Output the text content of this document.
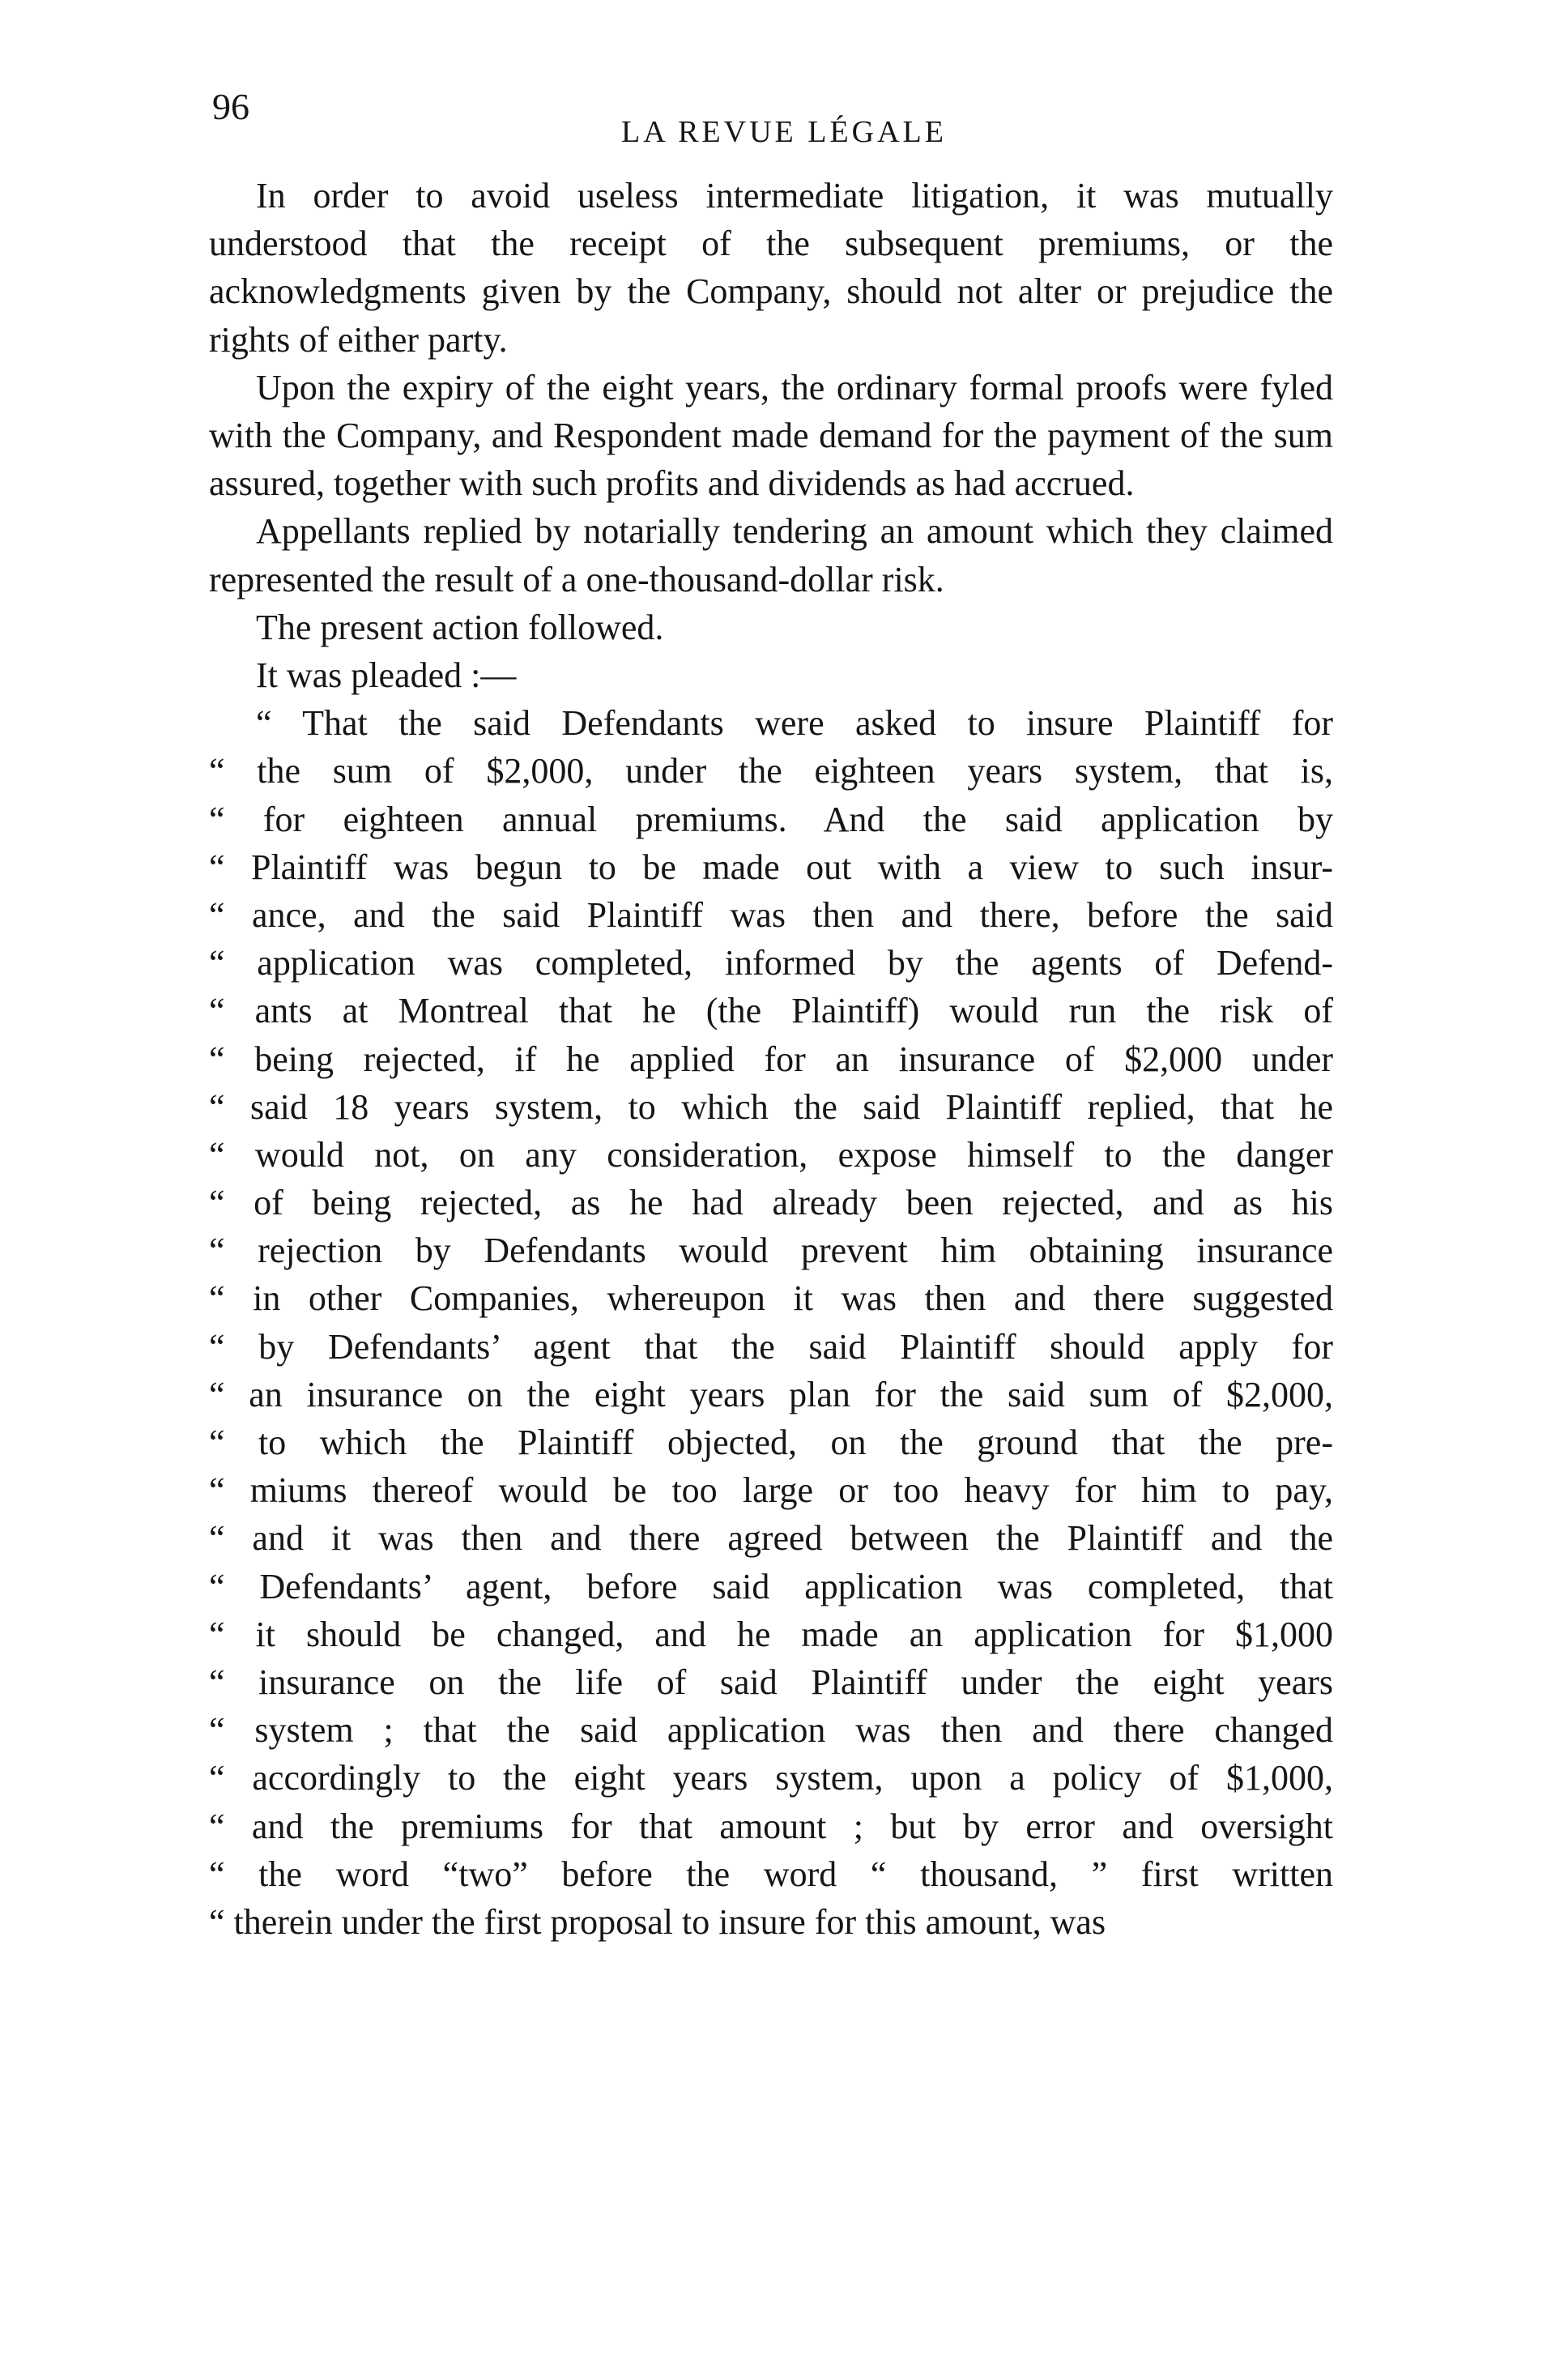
96
LA REVUE LÉGALE

In order to avoid useless intermediate litigation, it was mutually understood that the receipt of the subsequent premiums, or the acknowledgments given by the Company, should not alter or prejudice the rights of either party.

Upon the expiry of the eight years, the ordinary formal proofs were fyled with the Company, and Respondent made demand for the payment of the sum assured, together with such profits and dividends as had accrued.

Appellants replied by notarially tendering an amount which they claimed represented the result of a one-thousand-dollar risk.

The present action followed.

It was pleaded :—

“ That the said Defendants were asked to insure Plaintiff for
“ the sum of $2,000, under the eighteen years system, that is,
“ for eighteen annual premiums. And the said application by
“ Plaintiff was begun to be made out with a view to such insur-
“ ance, and the said Plaintiff was then and there, before the said
“ application was completed, informed by the agents of Defend-
“ ants at Montreal that he (the Plaintiff) would run the risk of
“ being rejected, if he applied for an insurance of $2,000 under
“ said 18 years system, to which the said Plaintiff replied, that he
“ would not, on any consideration, expose himself to the danger
“ of being rejected, as he had already been rejected, and as his
“ rejection by Defendants would prevent him obtaining insurance
“ in other Companies, whereupon it was then and there suggested
“ by Defendants’ agent that the said Plaintiff should apply for
“ an insurance on the eight years plan for the said sum of $2,000,
“ to which the Plaintiff objected, on the ground that the pre-
“ miums thereof would be too large or too heavy for him to pay,
“ and it was then and there agreed between the Plaintiff and the
“ Defendants’ agent, before said application was completed, that
“ it should be changed, and he made an application for $1,000
“ insurance on the life of said Plaintiff under the eight years
“ system ; that the said application was then and there changed
“ accordingly to the eight years system, upon a policy of $1,000,
“ and the premiums for that amount ; but by error and oversight
“ the word “two” before the word “ thousand, ” first written
“ therein under the first proposal to insure for this amount, was
